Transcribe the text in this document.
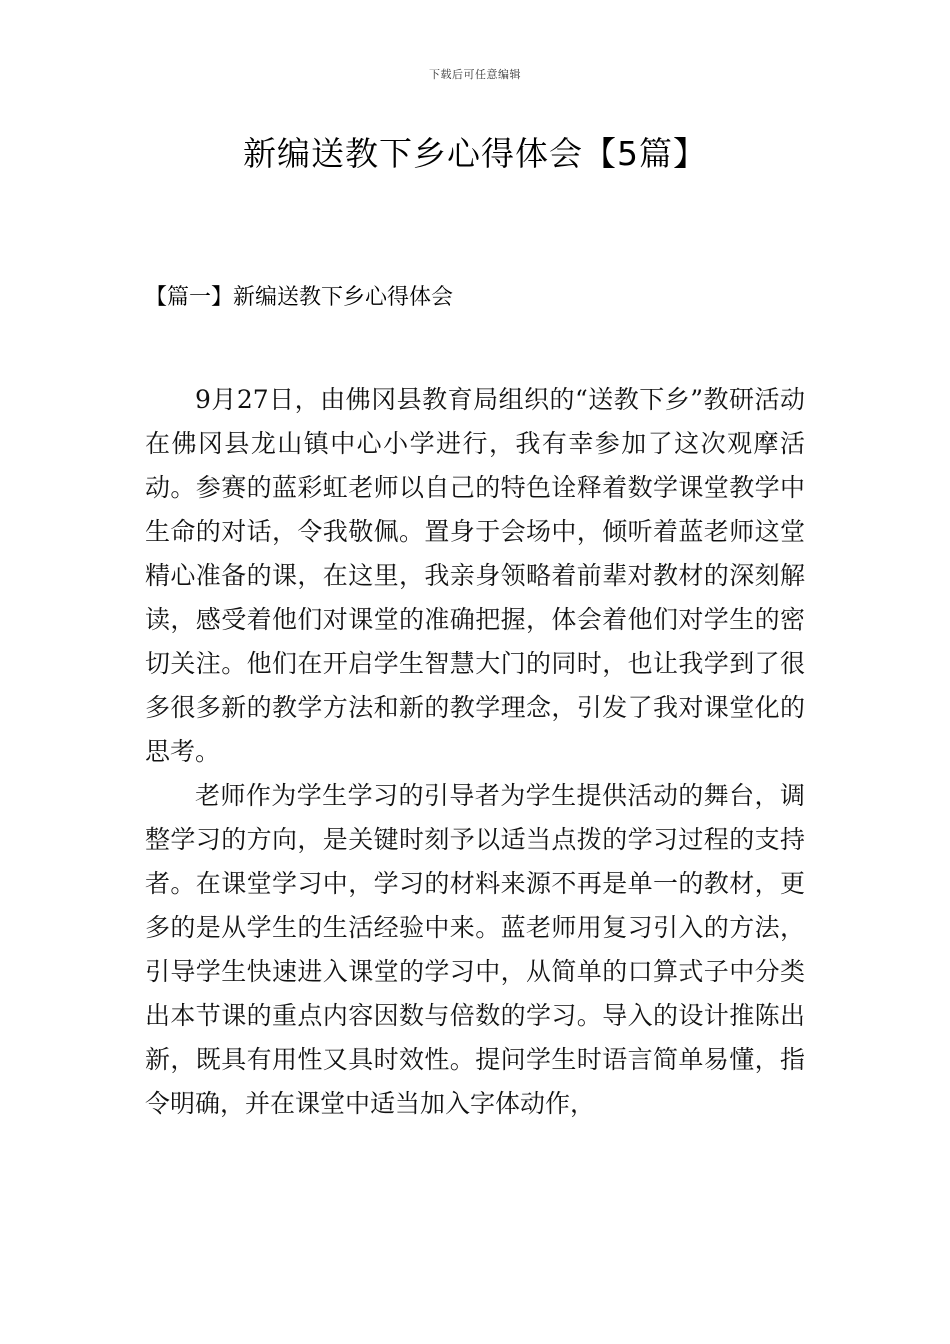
下载后可任意编辑
新编送教下乡心得体会【5篇】
【篇一】新编送教下乡心得体会

9月27日，由佛冈县教育局组织的“送教下乡”教研活动在佛冈县龙山镇中心小学进行，我有幸参加了这次观摩活动。参赛的蓝彩虹老师以自己的特色诠释着数学课堂教学中生命的对话，令我敬佩。置身于会场中，倾听着蓝老师这堂精心准备的课，在这里，我亲身领略着前辈对教材的深刻解读，感受着他们对课堂的准确把握，体会着他们对学生的密切关注。他们在开启学生智慧大门的同时，也让我学到了很多很多新的教学方法和新的教学理念，引发了我对课堂化的思考。

老师作为学生学习的引导者为学生提供活动的舞台，调整学习的方向，是关键时刻予以适当点拨的学习过程的支持者。在课堂学习中，学习的材料来源不再是单一的教材，更多的是从学生的生活经验中来。蓝老师用复习引入的方法，引导学生快速进入课堂的学习中，从简单的口算式子中分类出本节课的重点内容因数与倍数的学习。导入的设计推陈出新，既具有用性又具时效性。提问学生时语言简单易懂，指令明确，并在课堂中适当加入字体动作，
